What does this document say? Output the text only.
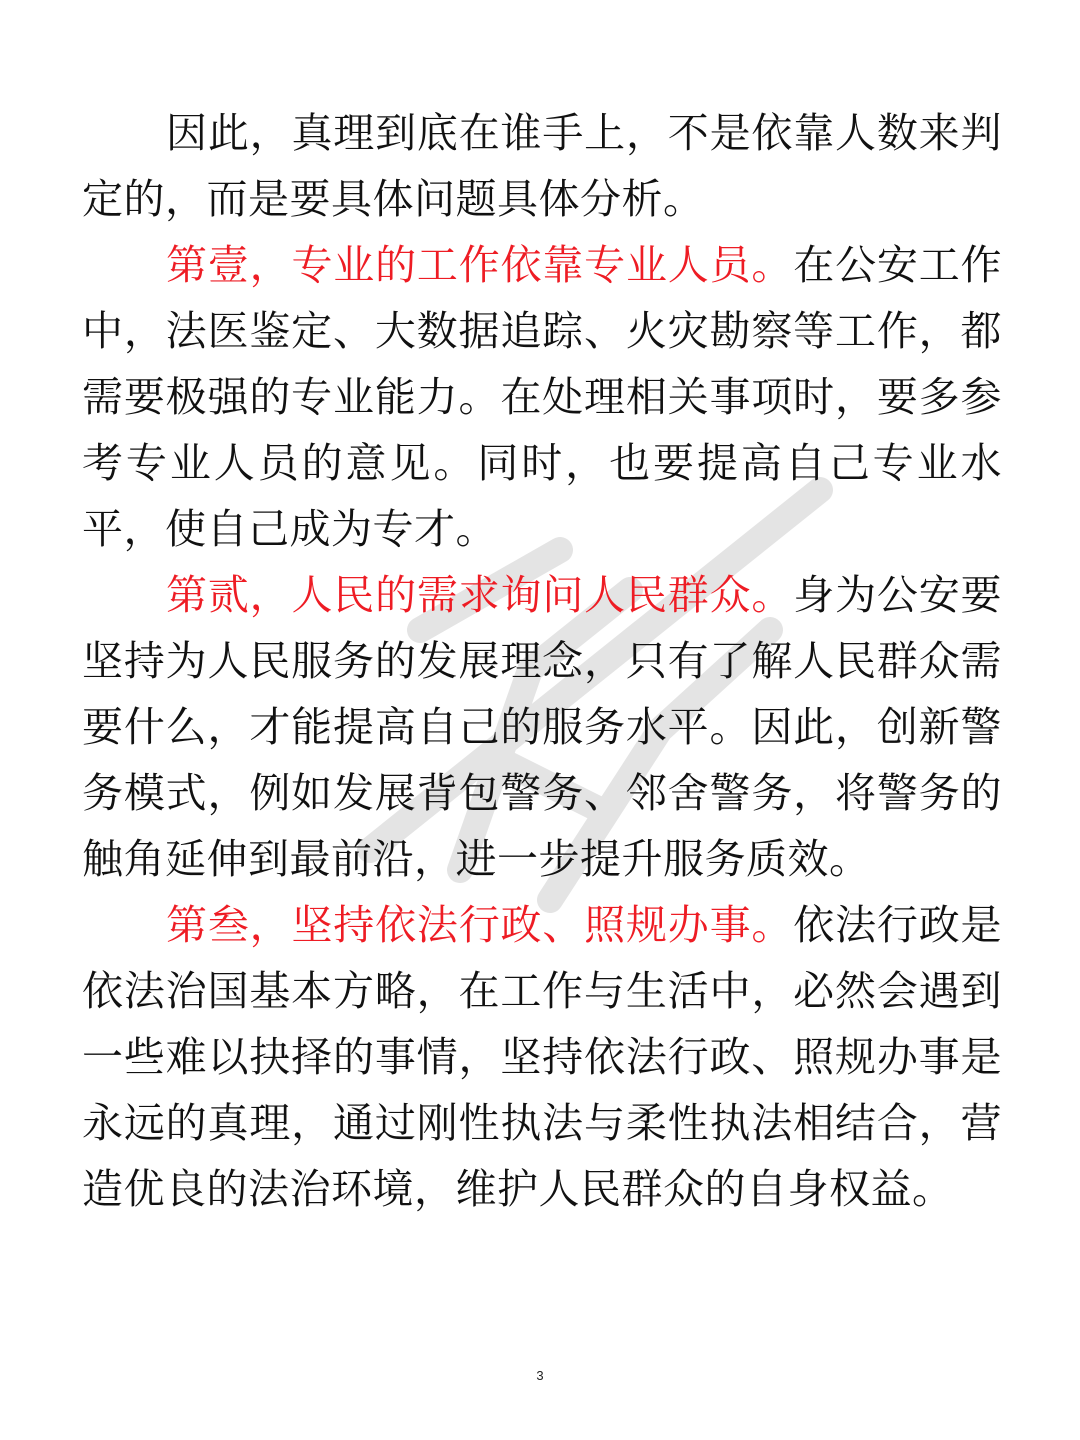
因此，真理到底在谁手上，不是依靠人数来判定的，而是要具体问题具体分析。

第壹，专业的工作依靠专业人员。在公安工作中，法医鉴定、大数据追踪、火灾勘察等工作，都需要极强的专业能力。在处理相关事项时，要多参考专业人员的意见。同时，也要提高自己专业水平，使自己成为专才。

第贰，人民的需求询问人民群众。身为公安要坚持为人民服务的发展理念，只有了解人民群众需要什么，才能提高自己的服务水平。因此，创新警务模式，例如发展背包警务、邻舍警务，将警务的触角延伸到最前沿，进一步提升服务质效。

第叁，坚持依法行政、照规办事。依法行政是依法治国基本方略，在工作与生活中，必然会遇到一些难以抉择的事情，坚持依法行政、照规办事是永远的真理，通过刚性执法与柔性执法相结合，营造优良的法治环境，维护人民群众的自身权益。

3
